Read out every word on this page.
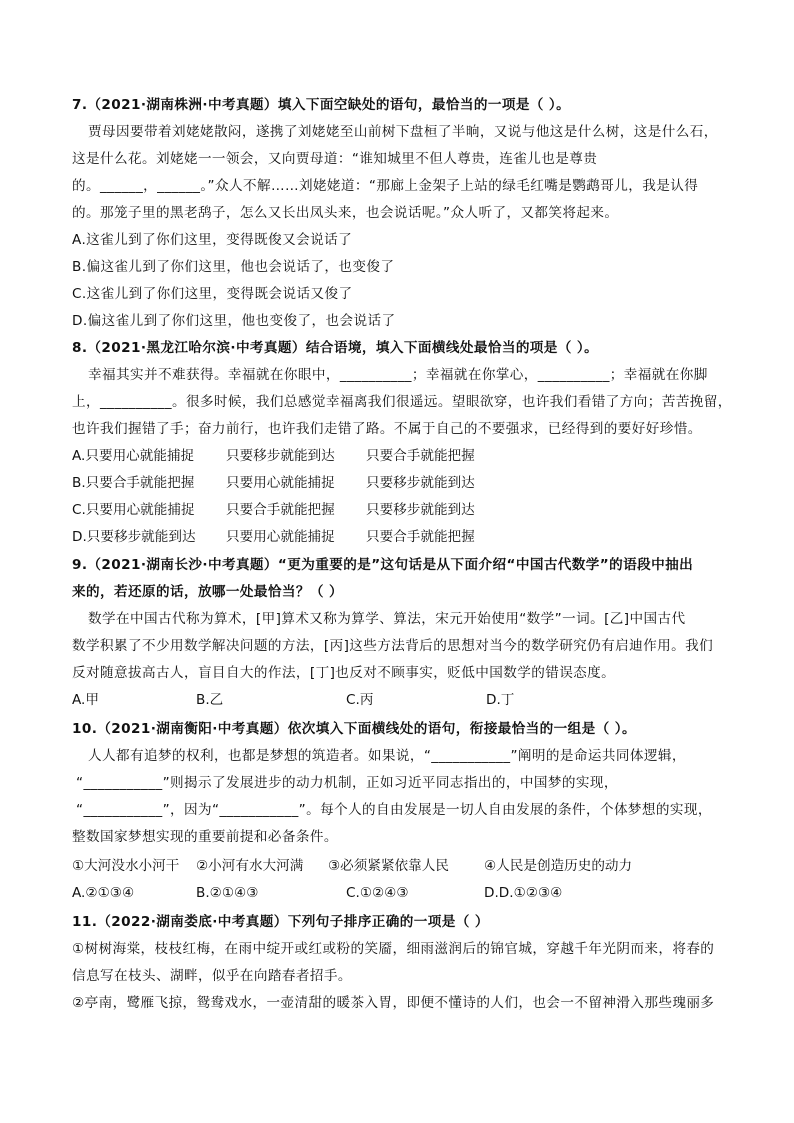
7.（2021·湖南株洲·中考真题）填入下面空缺处的语句，最恰当的一项是（ ）。
贾母因要带着刘姥姥散闷，遂携了刘姥姥至山前树下盘桓了半晌，又说与他这是什么树，这是什么石，
这是什么花。刘姥姥一一领会，又向贾母道：“谁知城里不但人尊贵，连雀儿也是尊贵
的。______，______。”众人不解……刘姥姥道：“那廊上金架子上站的绿毛红嘴是鹦鹉哥儿，我是认得
的。那笼子里的黑老鸹子，怎么又长出凤头来，也会说话呢。”众人听了，又都笑将起来。
A.这雀儿到了你们这里，变得既俊又会说话了
B.偏这雀儿到了你们这里，他也会说话了，也变俊了
C.这雀儿到了你们这里，变得既会说话又俊了
D.偏这雀儿到了你们这里，他也变俊了，也会说话了
8.（2021·黑龙江哈尔滨·中考真题）结合语境，填入下面横线处最恰当的项是（ ）。
幸福其实并不难获得。幸福就在你眼中，__________；幸福就在你掌心，__________；幸福就在你脚
上，__________。很多时候，我们总感觉幸福离我们很遥远。望眼欲穿，也许我们看错了方向；苦苦挽留，
也许我们握错了手；奋力前行，也许我们走错了路。不属于自己的不要强求，已经得到的要好好珍惜。
A.只要用心就能捕捉 只要移步就能到达 只要合手就能把握
B.只要合手就能把握 只要用心就能捕捉 只要移步就能到达
C.只要用心就能捕捉 只要合手就能把握 只要移步就能到达
D.只要移步就能到达 只要用心就能捕捉 只要合手就能把握
9.（2021·湖南长沙·中考真题）“更为重要的是”这句话是从下面介绍“中国古代数学”的语段中抽出
来的，若还原的话，放哪一处最恰当？（ ）
数学在中国古代称为算术，[甲]算术又称为算学、算法，宋元开始使用“数学”一词。[乙]中国古代
数学积累了不少用数学解决问题的方法，[丙]这些方法背后的思想对当今的数学研究仍有启迪作用。我们
反对随意拔高古人，盲目自大的作法，[丁]也反对不顾事实，贬低中国数学的错误态度。
A.甲	B.乙	C.丙	D.丁
10.（2021·湖南衡阳·中考真题）依次填入下面横线处的语句，衔接最恰当的一组是（ ）。
人人都有追梦的权利，也都是梦想的筑造者。如果说，“___________”阐明的是命运共同体逻辑，
“___________”则揭示了发展进步的动力机制，正如习近平同志指出的，中国梦的实现，
“___________”，因为“___________”。每个人的自由发展是一切人自由发展的条件，个体梦想的实现，
整数国家梦想实现的重要前提和必备条件。
①大河没水小河干 ②小河有水大河满 ③必须紧紧依靠人民	④人民是创造历史的动力
A.②①③④	B.②①④③	C.①②④③	D.D.①②③④
11.（2022·湖南娄底·中考真题）下列句子排序正确的一项是（ ）
①树树海棠，枝枝红梅，在雨中绽开或红或粉的笑靥，细雨滋润后的锦官城，穿越千年光阴而来，将春的
信息写在枝头、湖畔，似乎在向踏春者招手。
②亭南，鹭雁飞掠，鸳鸯戏水，一壶清甜的暖茶入胃，即便不懂诗的人们，也会一不留神滑入那些瑰丽多
